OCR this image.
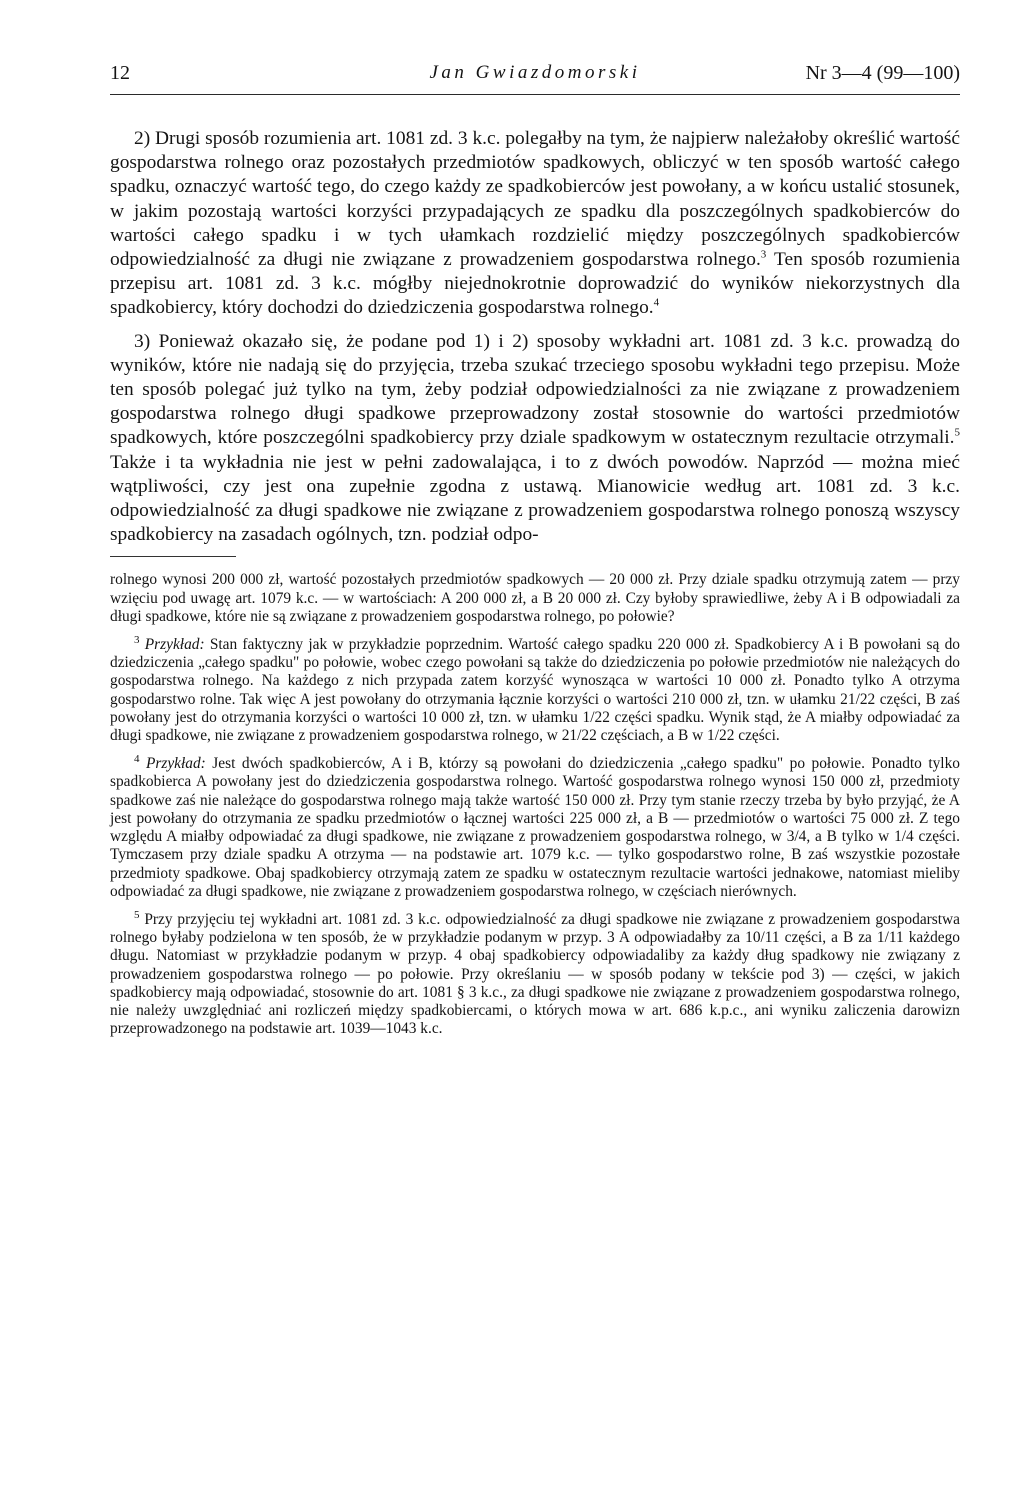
12	Jan Gwiazdomorski	Nr 3—4 (99—100)

2) Drugi sposób rozumienia art. 1081 zd. 3 k.c. polegałby na tym, że najpierw należałoby określić wartość gospodarstwa rolnego oraz pozostałych przedmiotów spadkowych, obliczyć w ten sposób wartość całego spadku, oznaczyć wartość tego, do czego każdy ze spadkobierców jest powołany, a w końcu ustalić stosunek, w jakim pozostają wartości korzyści przypadających ze spadku dla poszczególnych spadkobierców do wartości całego spadku i w tych ułamkach rozdzielić między poszczególnych spadkobierców odpowiedzialność za długi nie związane z prowadzeniem gospodarstwa rolnego.$^3$ Ten sposób rozumienia przepisu art. 1081 zd. 3 k.c. mógłby niejednokrotnie doprowadzić do wyników niekorzystnych dla spadkobiercy, który dochodzi do dziedziczenia gospodarstwa rolnego.$^4$

3) Ponieważ okazało się, że podane pod 1) i 2) sposoby wykładni art. 1081 zd. 3 k.c. prowadzą do wyników, które nie nadają się do przyjęcia, trzeba szukać trzeciego sposobu wykładni tego przepisu. Może ten sposób polegać już tylko na tym, żeby podział odpowiedzialności za nie związane z prowadzeniem gospodarstwa rolnego długi spadkowe przeprowadzony został stosownie do wartości przedmiotów spadkowych, które poszczególni spadkobiercy przy dziale spadkowym w ostatecznym rezultacie otrzymali.$^5$ Także i ta wykładnia nie jest w pełni zadowalająca, i to z dwóch powodów. Naprzód — można mieć wątpliwości, czy jest ona zupełnie zgodna z ustawą. Mianowicie według art. 1081 zd. 3 k.c. odpowiedzialność za długi spadkowe nie związane z prowadzeniem gospodarstwa rolnego ponoszą wszyscy spadkobiercy na zasadach ogólnych, tzn. podział odpo-

rolnego wynosi 200 000 zł, wartość pozostałych przedmiotów spadkowych — 20 000 zł. Przy dziale spadku otrzymują zatem — przy wzięciu pod uwagę art. 1079 k.c. — w wartościach: A 200 000 zł, a B 20 000 zł. Czy byłoby sprawiedliwe, żeby A i B odpowiadali za długi spadkowe, które nie są związane z prowadzeniem gospodarstwa rolnego, po połowie?

$^3$ Przykład: Stan faktyczny jak w przykładzie poprzednim. Wartość całego spadku 220 000 zł. Spadkobiercy A i B powołani są do dziedziczenia „całego spadku" po połowie, wobec czego powołani są także do dziedziczenia po połowie przedmiotów nie należących do gospodarstwa rolnego. Na każdego z nich przypada zatem korzyść wynosząca w wartości 10 000 zł. Ponadto tylko A otrzyma gospodarstwo rolne. Tak więc A jest powołany do otrzymania łącznie korzyści o wartości 210 000 zł, tzn. w ułamku 21/22 części, B zaś powołany jest do otrzymania korzyści o wartości 10 000 zł, tzn. w ułamku 1/22 części spadku. Wynik stąd, że A miałby odpowiadać za długi spadkowe, nie związane z prowadzeniem gospodarstwa rolnego, w 21/22 częściach, a B w 1/22 części.

$^4$ Przykład: Jest dwóch spadkobierców, A i B, którzy są powołani do dziedziczenia „całego spadku" po połowie. Ponadto tylko spadkobierca A powołany jest do dziedziczenia gospodarstwa rolnego. Wartość gospodarstwa rolnego wynosi 150 000 zł, przedmioty spadkowe zaś nie należące do gospodarstwa rolnego mają także wartość 150 000 zł. Przy tym stanie rzeczy trzeba by było przyjąć, że A jest powołany do otrzymania ze spadku przedmiotów o łącznej wartości 225 000 zł, a B — przedmiotów o wartości 75 000 zł. Z tego względu A miałby odpowiadać za długi spadkowe, nie związane z prowadzeniem gospodarstwa rolnego, w 3/4, a B tylko w 1/4 części. Tymczasem przy dziale spadku A otrzyma — na podstawie art. 1079 k.c. — tylko gospodarstwo rolne, B zaś wszystkie pozostałe przedmioty spadkowe. Obaj spadkobiercy otrzymają zatem ze spadku w ostatecznym rezultacie wartości jednakowe, natomiast mieliby odpowiadać za długi spadkowe, nie związane z prowadzeniem gospodarstwa rolnego, w częściach nierównych.

$^5$ Przy przyjęciu tej wykładni art. 1081 zd. 3 k.c. odpowiedzialność za długi spadkowe nie związane z prowadzeniem gospodarstwa rolnego byłaby podzielona w ten sposób, że w przykładzie podanym w przyp. 3 A odpowiadałby za 10/11 części, a B za 1/11 każdego długu. Natomiast w przykładzie podanym w przyp. 4 obaj spadkobiercy odpowiadaliby za każdy dług spadkowy nie związany z prowadzeniem gospodarstwa rolnego — po połowie. Przy określaniu — w sposób podany w tekście pod 3) — części, w jakich spadkobiercy mają odpowiadać, stosownie do art. 1081 § 3 k.c., za długi spadkowe nie związane z prowadzeniem gospodarstwa rolnego, nie należy uwzględniać ani rozliczeń między spadkobiercami, o których mowa w art. 686 k.p.c., ani wyniku zaliczenia darowizn przeprowadzonego na podstawie art. 1039—1043 k.c.
